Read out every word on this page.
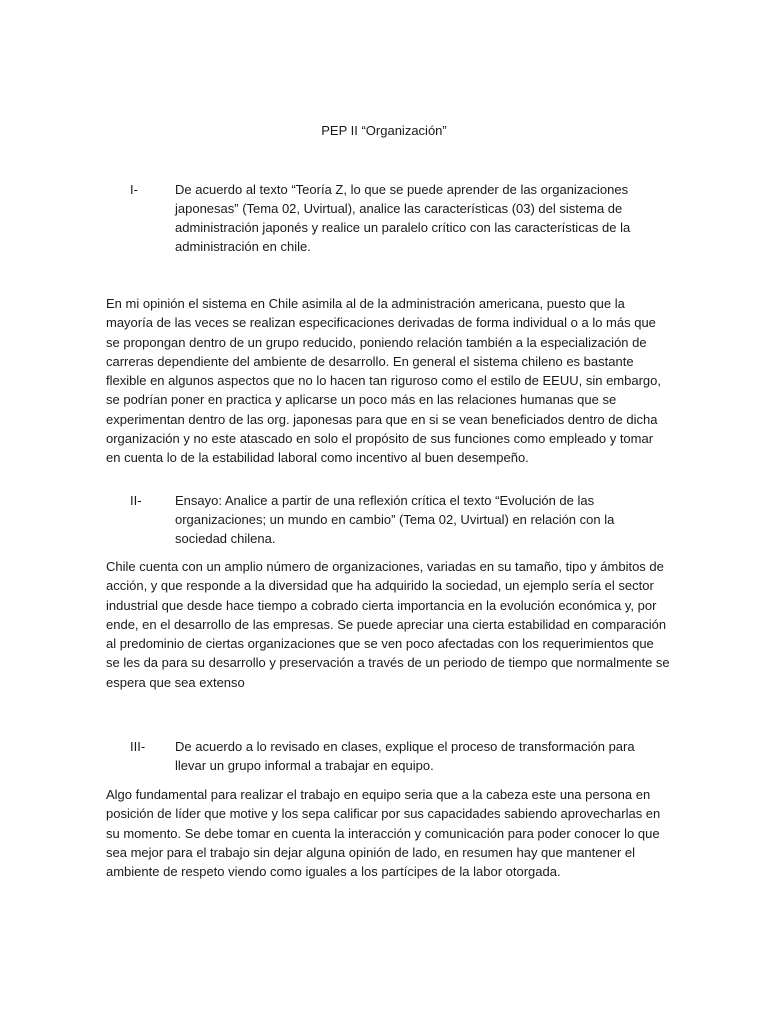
PEP II “Organización”
I-	De acuerdo al texto “Teoría Z, lo que se puede aprender de las organizaciones japonesas” (Tema 02, Uvirtual), analice las características (03) del sistema de administración japonés y realice un paralelo crítico con las características de la administración en chile.
En mi opinión el sistema en Chile asimila al de la administración americana, puesto que la mayoría de las veces se realizan especificaciones derivadas de forma individual o a lo más que se propongan dentro de un grupo reducido, poniendo relación también a la especialización de carreras dependiente del ambiente de desarrollo. En general el sistema chileno es bastante flexible en algunos aspectos que no lo hacen tan riguroso como el estilo de EEUU, sin embargo, se podrían poner en practica y aplicarse un poco más en las relaciones humanas que se experimentan dentro de las org. japonesas para que en si se vean beneficiados dentro de dicha organización y no este atascado en solo el propósito de sus funciones como empleado y tomar en cuenta lo de la estabilidad laboral como incentivo al buen desempeño.
II-	Ensayo: Analice a partir de una reflexión crítica el texto “Evolución de las organizaciones; un mundo en cambio” (Tema 02, Uvirtual) en relación con la sociedad chilena.
Chile cuenta con un amplio número de organizaciones, variadas en su tamaño, tipo y ámbitos de acción, y que responde a la diversidad que ha adquirido la sociedad, un ejemplo sería el sector industrial que desde hace tiempo a cobrado cierta importancia en la evolución económica y, por ende, en el desarrollo de las empresas. Se puede apreciar una cierta estabilidad en comparación al predominio de ciertas organizaciones que se ven poco afectadas con los requerimientos que se les da para su desarrollo y preservación a través de un periodo de tiempo que normalmente se espera que sea extenso
III- De acuerdo a lo revisado en clases, explique el proceso de transformación para llevar un grupo informal a trabajar en equipo.
Algo fundamental para realizar el trabajo en equipo seria que a la cabeza este una persona en posición de líder que motive y los sepa calificar por sus capacidades sabiendo aprovecharlas en su momento. Se debe tomar en cuenta la interacción y comunicación para poder conocer lo que sea mejor para el trabajo sin dejar alguna opinión de lado, en resumen hay que mantener el ambiente de respeto viendo como iguales a los partícipes de la labor otorgada.
